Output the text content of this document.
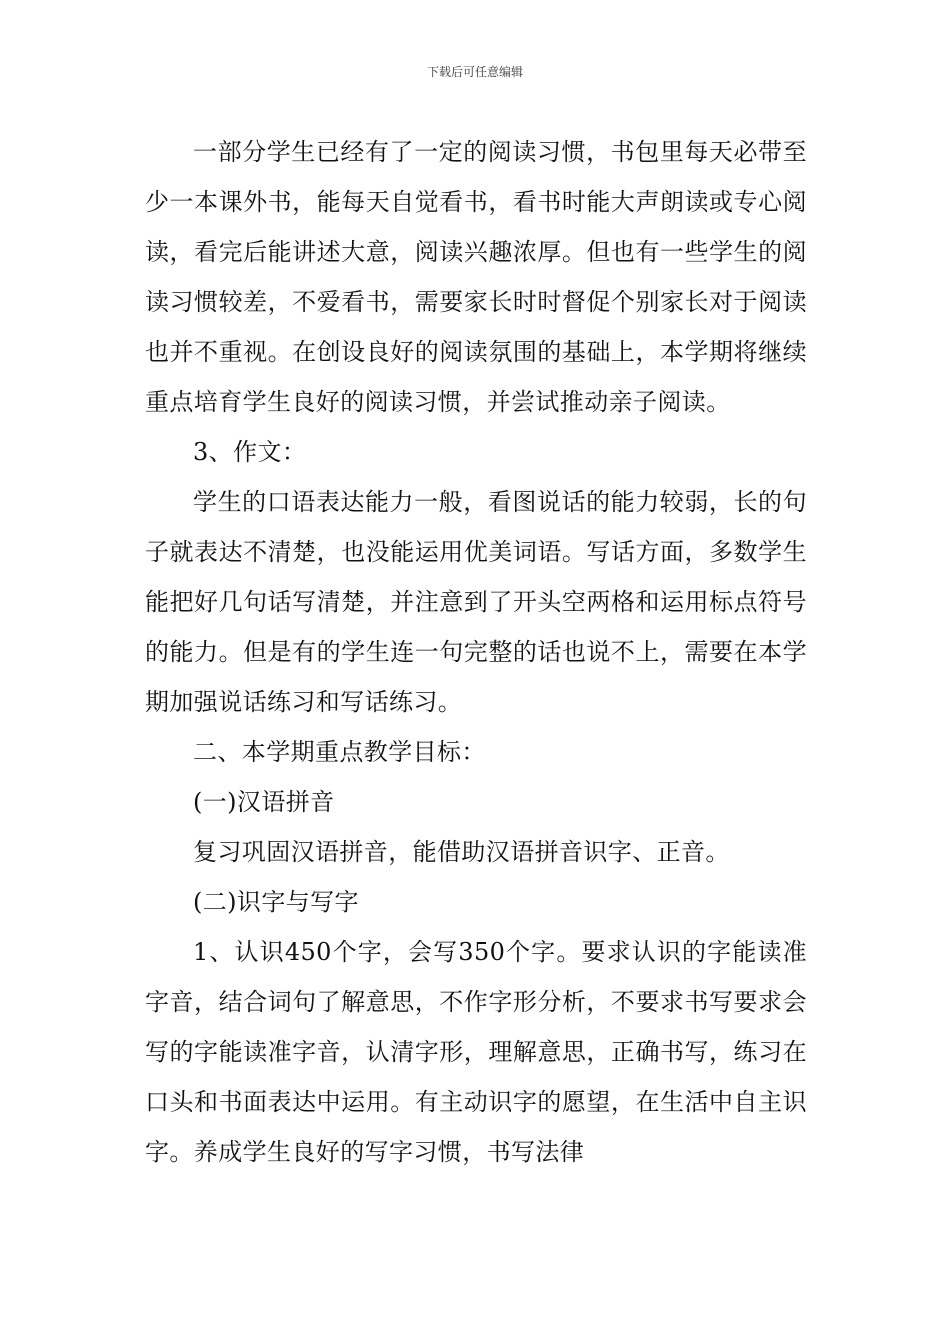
下载后可任意编辑

一部分学生已经有了一定的阅读习惯，书包里每天必带至少一本课外书，能每天自觉看书，看书时能大声朗读或专心阅读，看完后能讲述大意，阅读兴趣浓厚。但也有一些学生的阅读习惯较差，不爱看书，需要家长时时督促个别家长对于阅读也并不重视。在创设良好的阅读氛围的基础上，本学期将继续重点培育学生良好的阅读习惯，并尝试推动亲子阅读。

3、作文：

学生的口语表达能力一般，看图说话的能力较弱，长的句子就表达不清楚，也没能运用优美词语。写话方面，多数学生能把好几句话写清楚，并注意到了开头空两格和运用标点符号的能力。但是有的学生连一句完整的话也说不上，需要在本学期加强说话练习和写话练习。

二、本学期重点教学目标：

(一)汉语拼音

复习巩固汉语拼音，能借助汉语拼音识字、正音。

(二)识字与写字

1、认识450个字，会写350个字。要求认识的字能读准字音，结合词句了解意思，不作字形分析，不要求书写要求会写的字能读准字音，认清字形，理解意思，正确书写，练习在口头和书面表达中运用。有主动识字的愿望，在生活中自主识字。养成学生良好的写字习惯，书写法律
